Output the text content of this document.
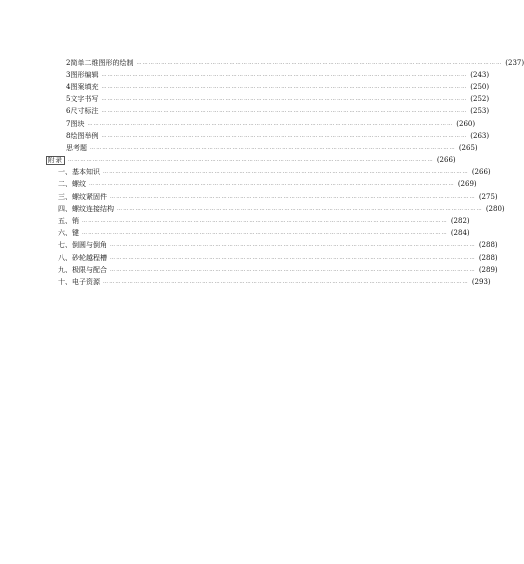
2 简单二维图形的绘制 …………………………………………………………………………………………………………………………………………………………… (237)
3 图形编辑 …………………………………………………………………………………………………………………………………………………………… (243)
4 图案填充 …………………………………………………………………………………………………………………………………………………………… (250)
5 文字书写 …………………………………………………………………………………………………………………………………………………………… (252)
6 尺寸标注 …………………………………………………………………………………………………………………………………………………………… (253)
7 图块 …………………………………………………………………………………………………………………………………………………………… (260)
8 绘图举例 …………………………………………………………………………………………………………………………………………………………… (263)
思考题 …………………………………………………………………………………………………………………………………………………………… (265)
附录	…………………………………………………………………………………………………………………………………………………………… (266)
一、基本知识 …………………………………………………………………………………………………………………………………………………………… (266)
二、螺纹 …………………………………………………………………………………………………………………………………………………………… (269)
三、螺纹紧固件 …………………………………………………………………………………………………………………………………………………………… (275)
四、螺纹连接结构 …………………………………………………………………………………………………………………………………………………………… (280)
五、销 …………………………………………………………………………………………………………………………………………………………… (282)
六、键 …………………………………………………………………………………………………………………………………………………………… (284)
七、倒圆与倒角 …………………………………………………………………………………………………………………………………………………………… (288)
八、砂轮越程槽 …………………………………………………………………………………………………………………………………………………………… (288)
九、极限与配合 …………………………………………………………………………………………………………………………………………………………… (289)
十、电子资源 …………………………………………………………………………………………………………………………………………………………… (293)
